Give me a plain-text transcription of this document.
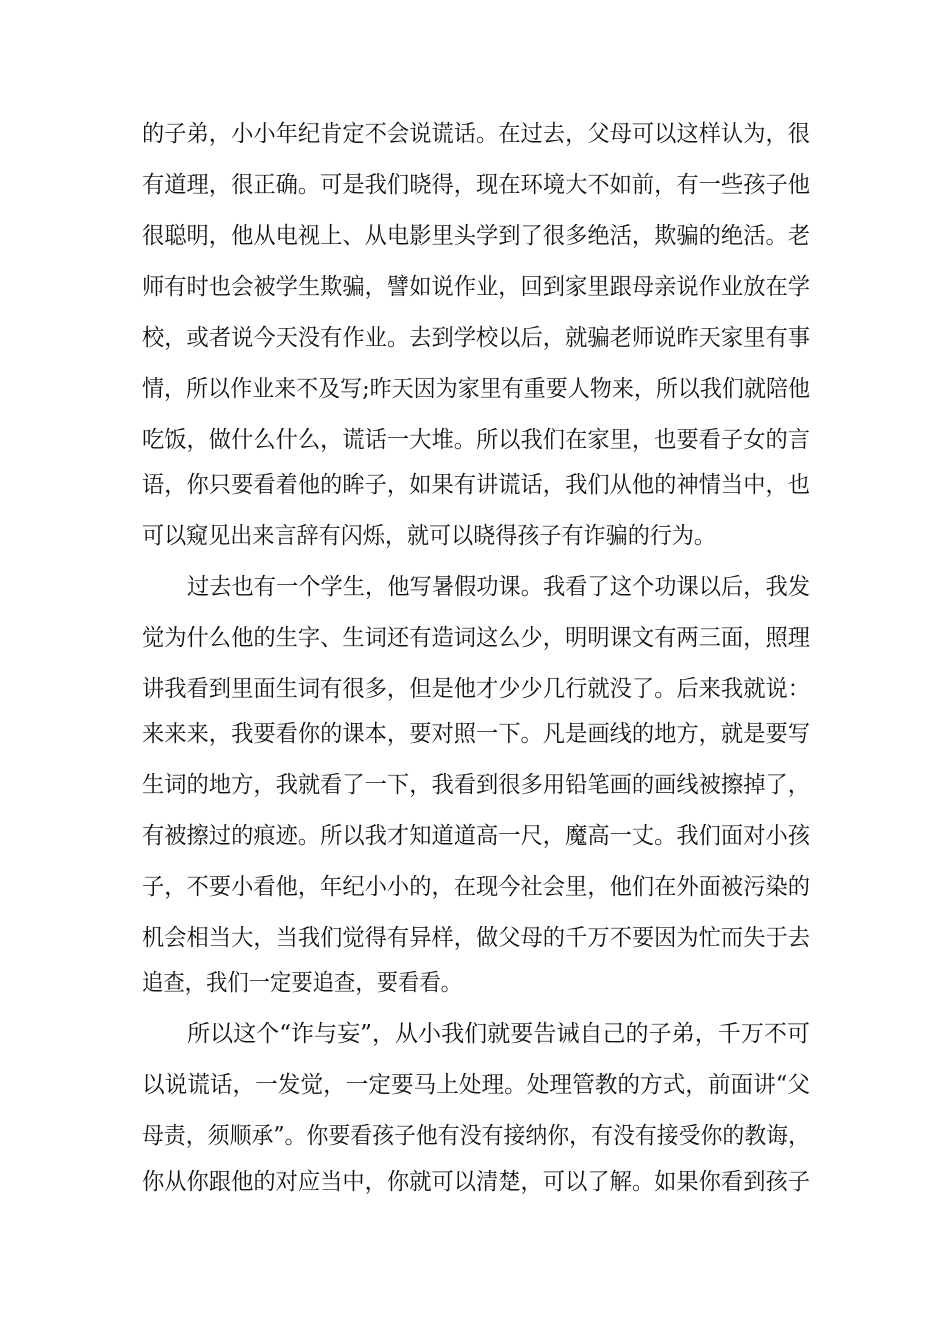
的子弟，小小年纪肯定不会说谎话。在过去，父母可以这样认为，很
有道理，很正确。可是我们晓得，现在环境大不如前，有一些孩子他
很聪明，他从电视上、从电影里头学到了很多绝活，欺骗的绝活。老
师有时也会被学生欺骗，譬如说作业，回到家里跟母亲说作业放在学
校，或者说今天没有作业。去到学校以后，就骗老师说昨天家里有事
情，所以作业来不及写;昨天因为家里有重要人物来，所以我们就陪他
吃饭，做什么什么，谎话一大堆。所以我们在家里，也要看子女的言
语，你只要看着他的眸子，如果有讲谎话，我们从他的神情当中，也
可以窥见出来言辞有闪烁，就可以晓得孩子有诈骗的行为。
过去也有一个学生，他写暑假功课。我看了这个功课以后，我发
觉为什么他的生字、生词还有造词这么少，明明课文有两三面，照理
讲我看到里面生词有很多，但是他才少少几行就没了。后来我就说：
来来来，我要看你的课本，要对照一下。凡是画线的地方，就是要写
生词的地方，我就看了一下，我看到很多用铅笔画的画线被擦掉了，
有被擦过的痕迹。所以我才知道道高一尺，魔高一丈。我们面对小孩
子，不要小看他，年纪小小的，在现今社会里，他们在外面被污染的
机会相当大，当我们觉得有异样，做父母的千万不要因为忙而失于去
追查，我们一定要追查，要看看。
所以这个“诈与妄”，从小我们就要告诫自己的子弟，千万不可
以说谎话，一发觉，一定要马上处理。处理管教的方式，前面讲“父
母责，须顺承”。你要看孩子他有没有接纳你，有没有接受你的教诲，
你从你跟他的对应当中，你就可以清楚，可以了解。如果你看到孩子
